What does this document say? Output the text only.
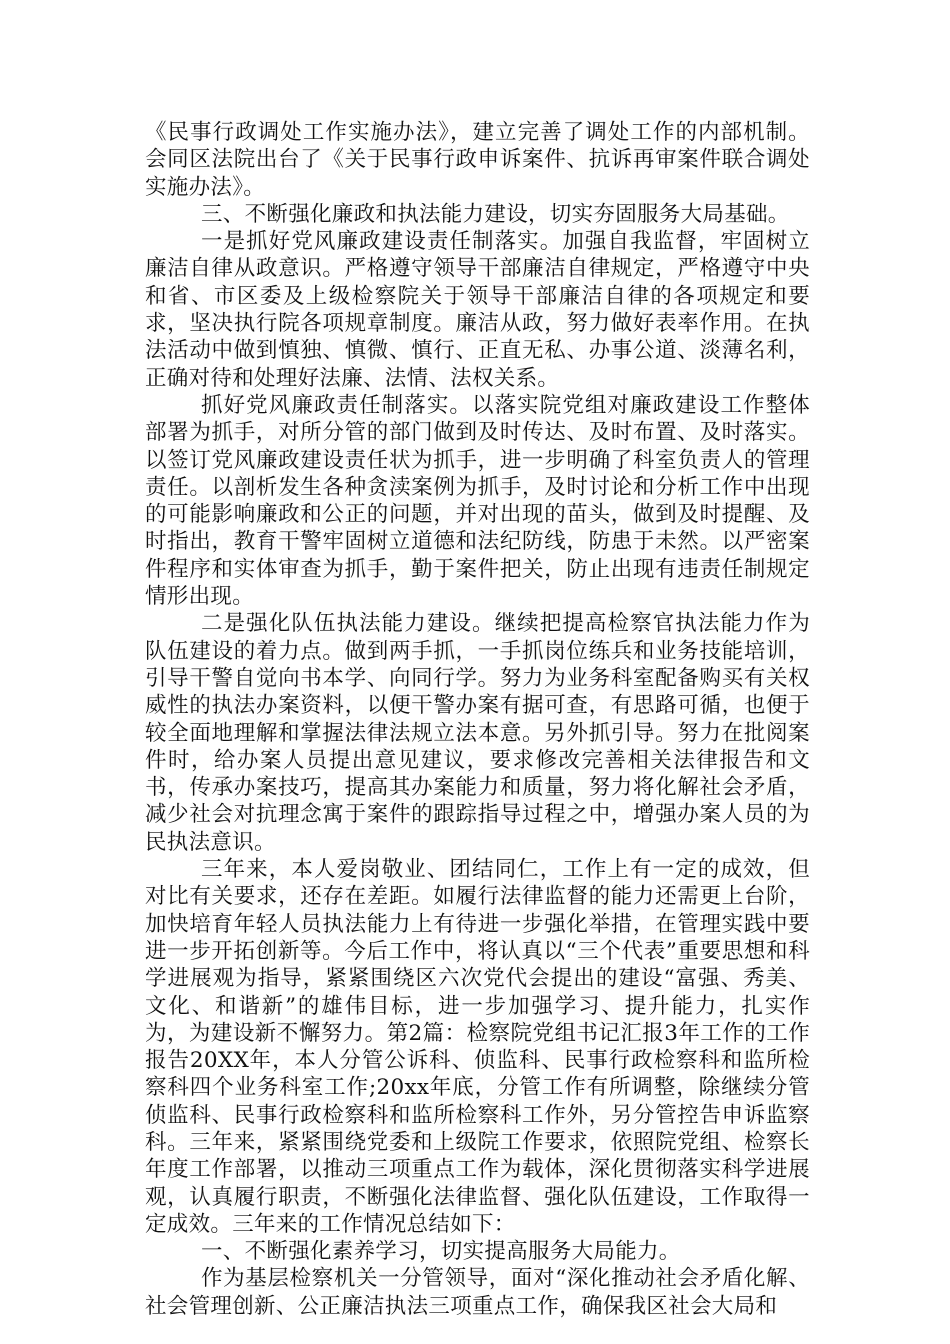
《民事行政调处工作实施办法》，建立完善了调处工作的内部机制。会同区法院出台了《关于民事行政申诉案件、抗诉再审案件联合调处实施办法》。

三、不断强化廉政和执法能力建设，切实夯固服务大局基础。

一是抓好党风廉政建设责任制落实。加强自我监督，牢固树立廉洁自律从政意识。严格遵守领导干部廉洁自律规定，严格遵守中央和省、市区委及上级检察院关于领导干部廉洁自律的各项规定和要求，坚决执行院各项规章制度。廉洁从政，努力做好表率作用。在执法活动中做到慎独、慎微、慎行、正直无私、办事公道、淡薄名利，正确对待和处理好法廉、法情、法权关系。

抓好党风廉政责任制落实。以落实院党组对廉政建设工作整体部署为抓手，对所分管的部门做到及时传达、及时布置、及时落实。以签订党风廉政建设责任状为抓手，进一步明确了科室负责人的管理责任。以剖析发生各种贪渎案例为抓手，及时讨论和分析工作中出现的可能影响廉政和公正的问题，并对出现的苗头，做到及时提醒、及时指出，教育干警牢固树立道德和法纪防线，防患于未然。以严密案件程序和实体审查为抓手，勤于案件把关，防止出现有违责任制规定情形出现。

二是强化队伍执法能力建设。继续把提高检察官执法能力作为队伍建设的着力点。做到两手抓，一手抓岗位练兵和业务技能培训，引导干警自觉向书本学、向同行学。努力为业务科室配备购买有关权威性的执法办案资料，以便干警办案有据可查，有思路可循，也便于较全面地理解和掌握法律法规立法本意。另外抓引导。努力在批阅案件时，给办案人员提出意见建议，要求修改完善相关法律报告和文书，传承办案技巧，提高其办案能力和质量，努力将化解社会矛盾，减少社会对抗理念寓于案件的跟踪指导过程之中，增强办案人员的为民执法意识。

三年来，本人爱岗敬业、团结同仁，工作上有一定的成效，但对比有关要求，还存在差距。如履行法律监督的能力还需更上台阶，加快培育年轻人员执法能力上有待进一步强化举措，在管理实践中要进一步开拓创新等。今后工作中，将认真以“三个代表”重要思想和科学进展观为指导，紧紧围绕区六次党代会提出的建设“富强、秀美、文化、和谐新”的雄伟目标，进一步加强学习、提升能力，扎实作为，为建设新不懈努力。第2篇：检察院党组书记汇报3年工作的工作报告20XX年，本人分管公诉科、侦监科、民事行政检察科和监所检察科四个业务科室工作;20xx年底，分管工作有所调整，除继续分管侦监科、民事行政检察科和监所检察科工作外，另分管控告申诉监察科。三年来，紧紧围绕党委和上级院工作要求，依照院党组、检察长年度工作部署，以推动三项重点工作为载体，深化贯彻落实科学进展观，认真履行职责，不断强化法律监督、强化队伍建设，工作取得一定成效。三年来的工作情况总结如下：

一、不断强化素养学习，切实提高服务大局能力。

作为基层检察机关一分管领导，面对“深化推动社会矛盾化解、社会管理创新、公正廉洁执法三项重点工作，确保我区社会大局和
